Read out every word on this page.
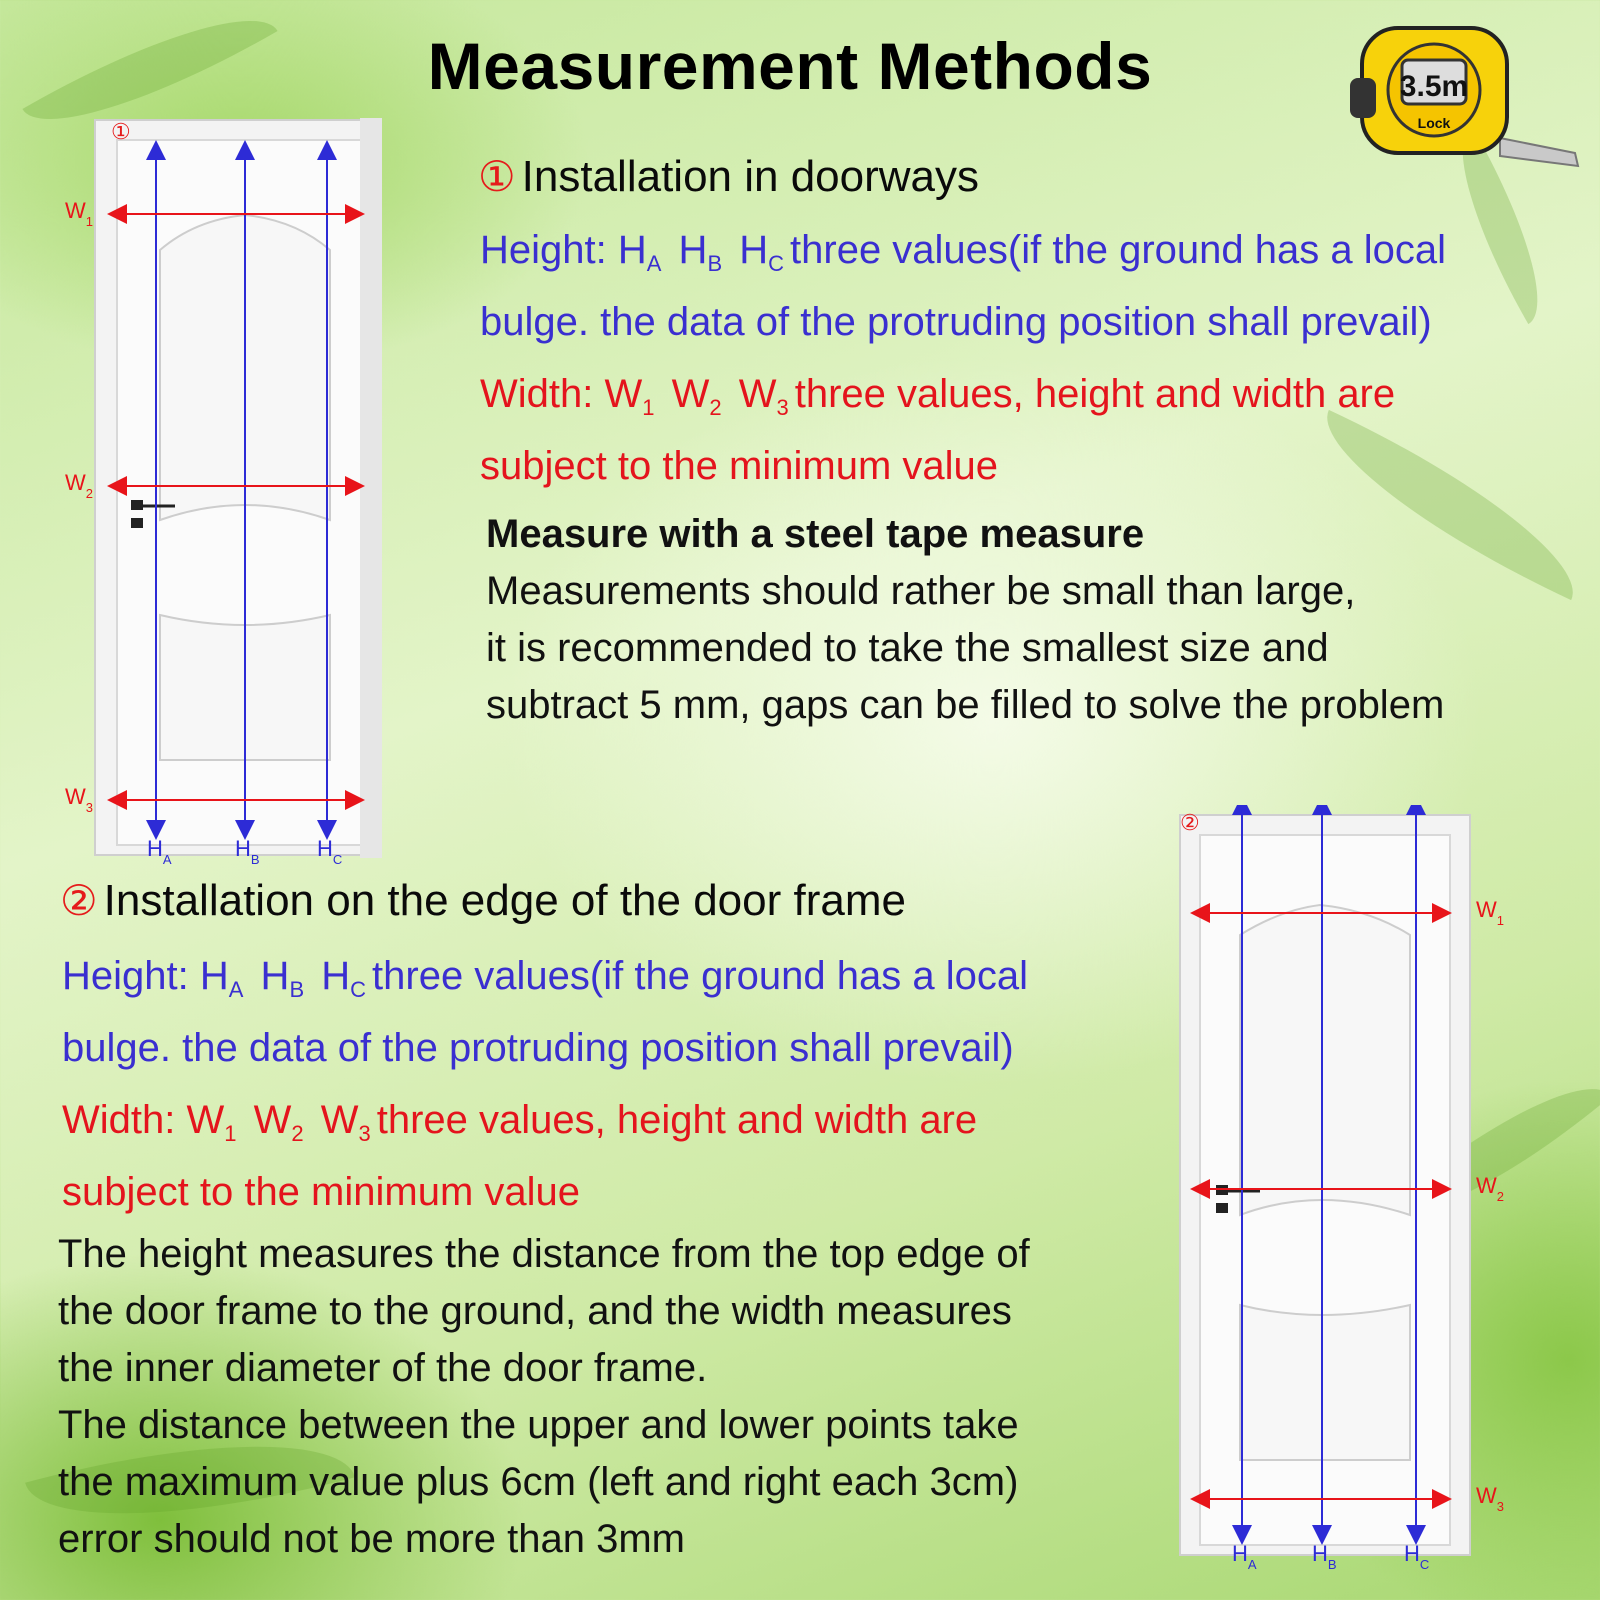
Measurement Methods	3.5m
Lock
①
$W_1$
$W_2$
$W_3$
$H_A$	$H_B$	$H_C$
① Installation in doorways
Height: $H_A$ $H_B$ $H_C$ three values(if the ground has a local
bulge. the data of the protruding position shall prevail)
Width: $W_1$ $W_2$ $W_3$ three values, height and width are
subject to the minimum value
Measure with a steel tape measure
Measurements should rather be small than large,
it is recommended to take the smallest size and
subtract 5 mm, gaps can be filled to solve the problem
② Installation on the edge of the door frame
Height: $H_A$ $H_B$ $H_C$ three values(if the ground has a local
bulge. the data of the protruding position shall prevail)
Width: $W_1$ $W_2$ $W_3$ three values, height and width are
subject to the minimum value
The height measures the distance from the top edge of
the door frame to the ground, and the width measures
the inner diameter of the door frame.
The distance between the upper and lower points take
the maximum value plus 6cm (left and right each 3cm)
error should not be more than 3mm
②
$W_1$
$W_2$
$W_3$
$H_A$	$H_B$	$H_C$
